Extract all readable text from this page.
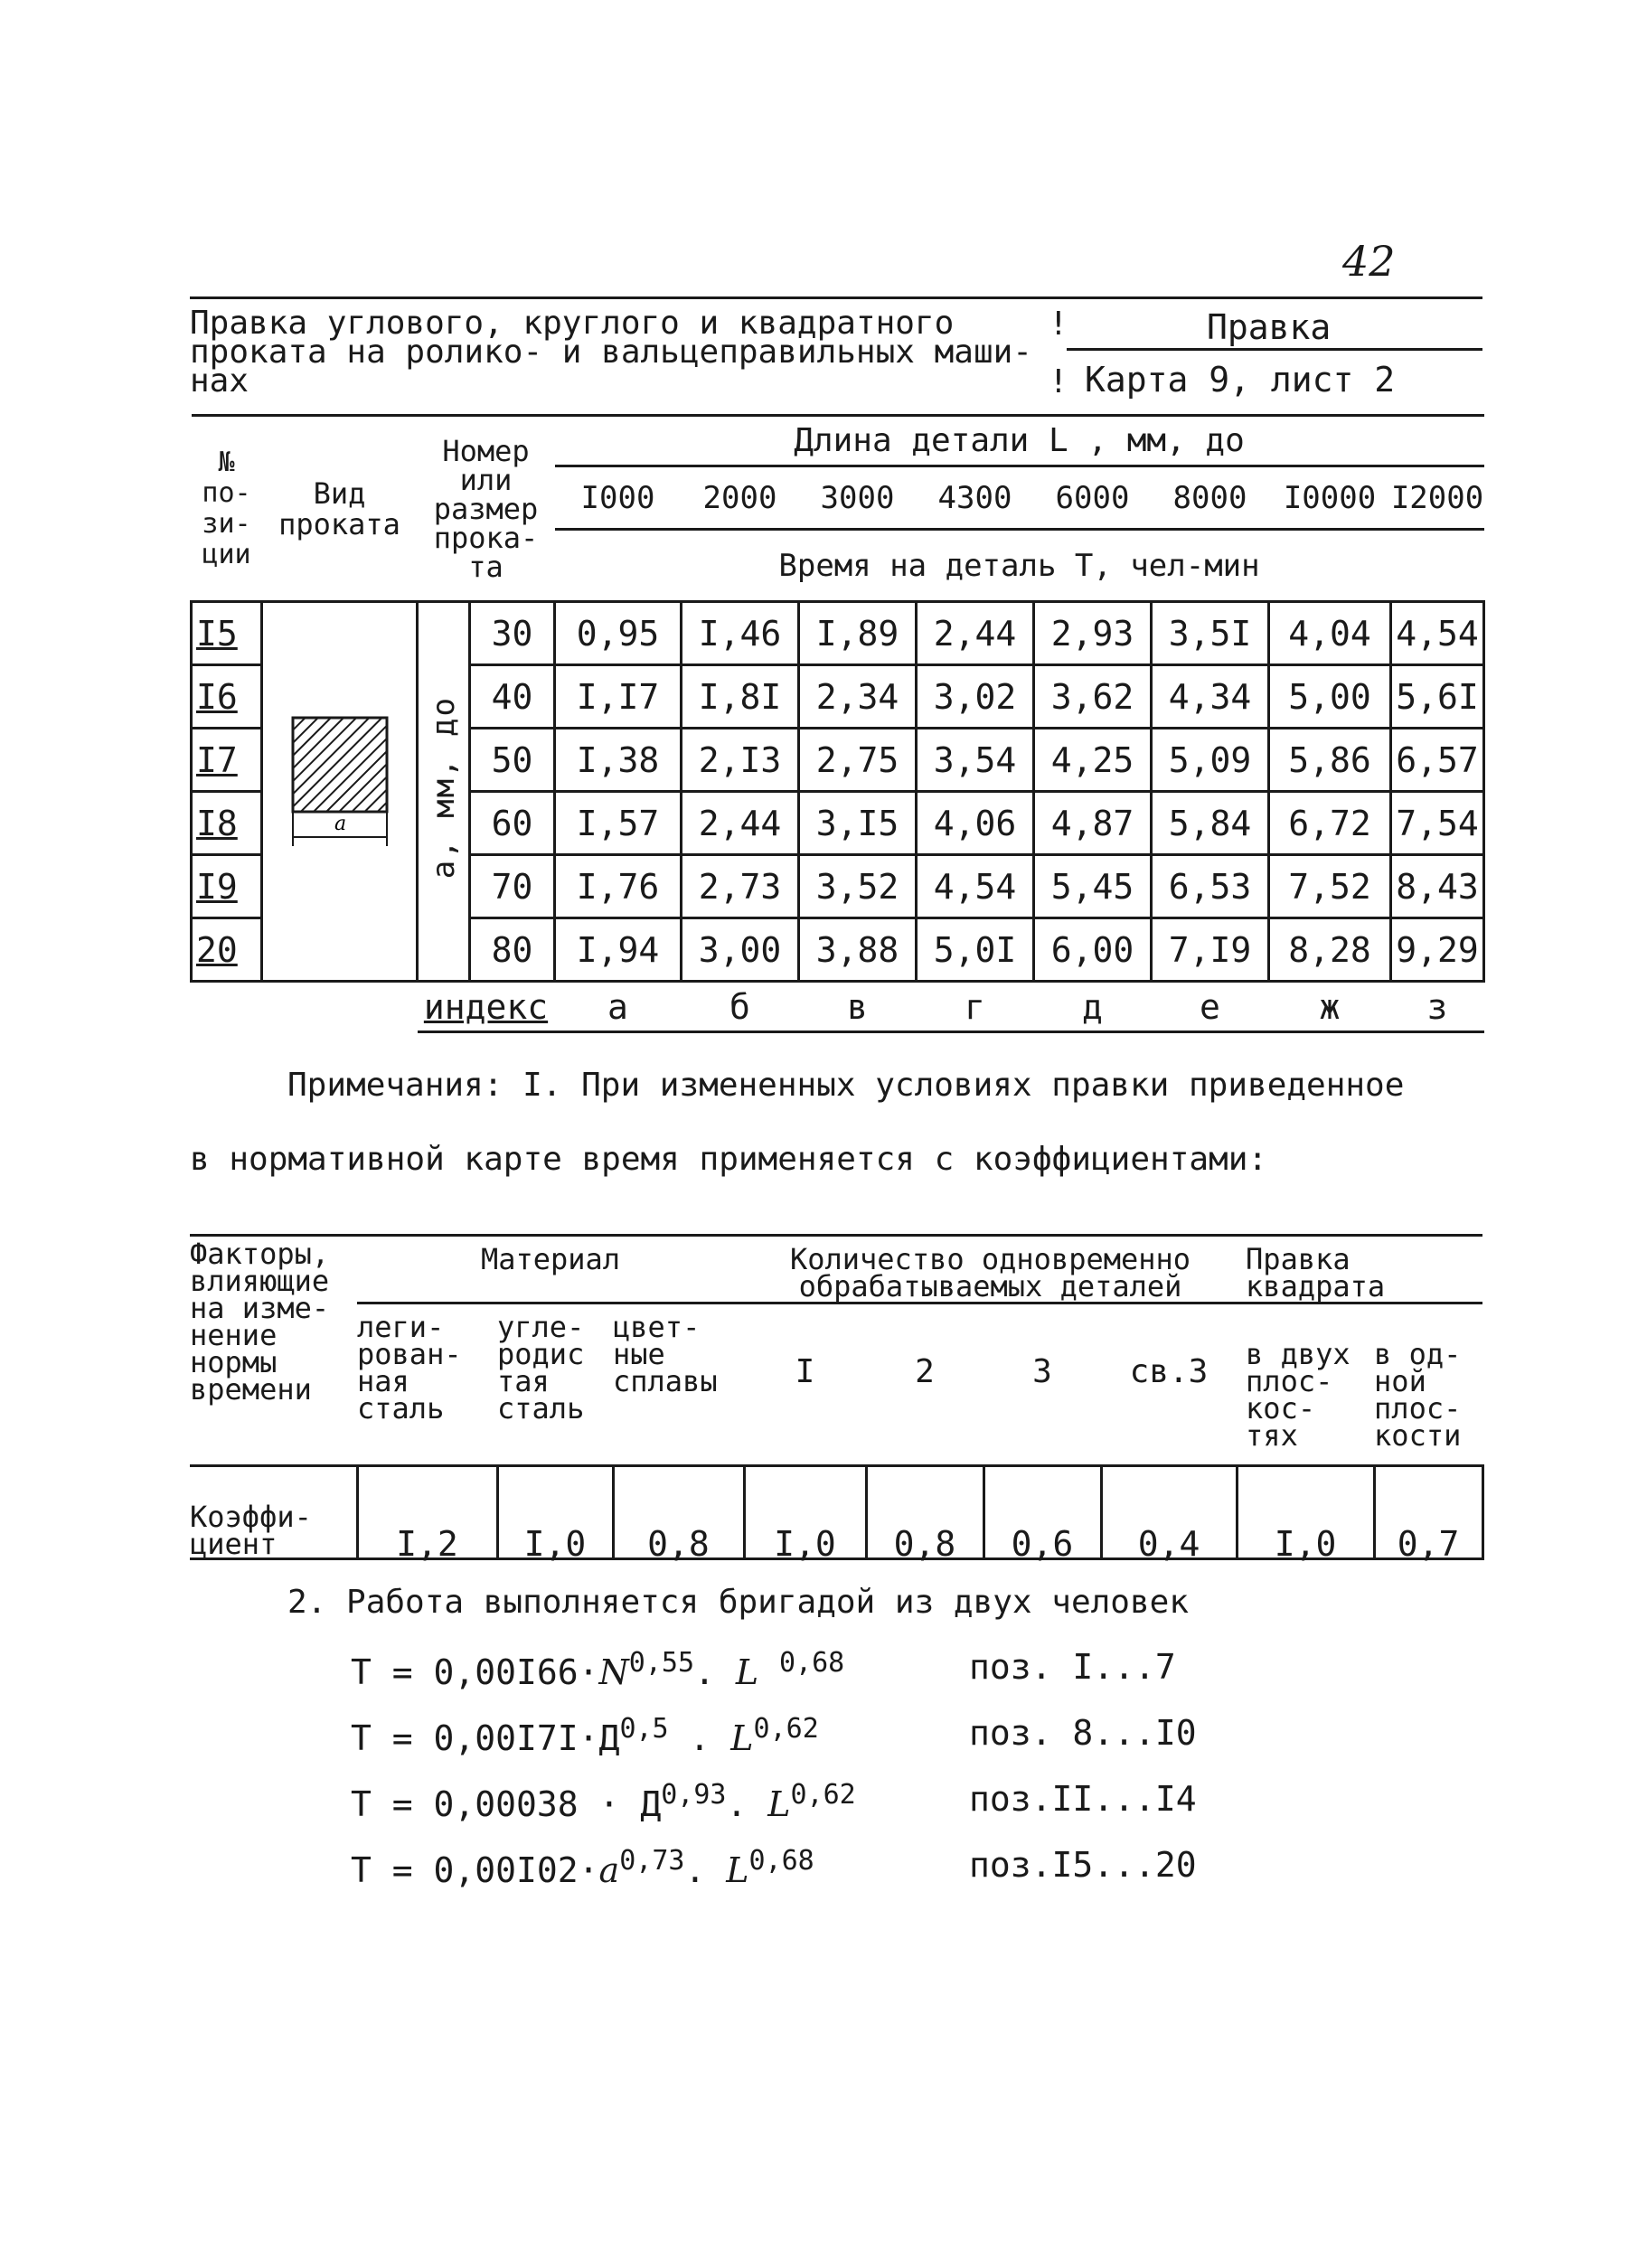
42
Правка углового, круглого и квадратного проката на ролико- и вальцеправильных маши- нах
Правка
Карта 9, лист 2
!
!
№ по- зи- ции	Вид проката	Номер или размер прока- та		Длина детали L , мм, до							
				I000	2000	3000	4300	6000	8000	I0000	I2000
				Время на деталь Т, чел-мин							
I5	a	a, мм, до	30	0,95	I,46	I,89	2,44	2,93	3,5I	4,04	4,54
I6			40	I,I7	I,8I	2,34	3,02	3,62	4,34	5,00	5,6I
I7			50	I,38	2,I3	2,75	3,54	4,25	5,09	5,86	6,57
I8			60	I,57	2,44	3,I5	4,06	4,87	5,84	6,72	7,54
I9			70	I,76	2,73	3,52	4,54	5,45	6,53	7,52	8,43
20			80	I,94	3,00	3,88	5,0I	6,00	7,I9	8,28	9,29
		индекс		а	б	в	г	д	е	ж	з
Примечания: I. При измененных условиях правки приведенное
в нормативной карте время применяется с коэффициентами:
Факторы, влияющие на изме- нение нормы времени	Материал			Количество одновременно обрабатываемых деталей				Правка квадрата	
	леги- рован- ная сталь	угле- родис тая сталь	цвет- ные сплавы	I	2	3	св.3	в двух плос- кос- тях	в од- ной плос- кости
Коэффи- циент	I,2	I,0	0,8	I,0	0,8	0,6	0,4	I,0	0,7
2. Работа выполняется бригадой из двух человек
$T = 0,00I66\cdot N^{0,55}$. L $^{0,68}$	поз. I...7
$T = 0,00I7I\cdot Д^{0,5}$ . L$^{0,62}$	поз. 8...I0
T = 0,00038 · Д$^{0,93}$. L$^{0,62}$	поз.II...I4
$T = 0,00I02\cdot a^{0,73}$. L$^{0,68}$	поз.I5...20
